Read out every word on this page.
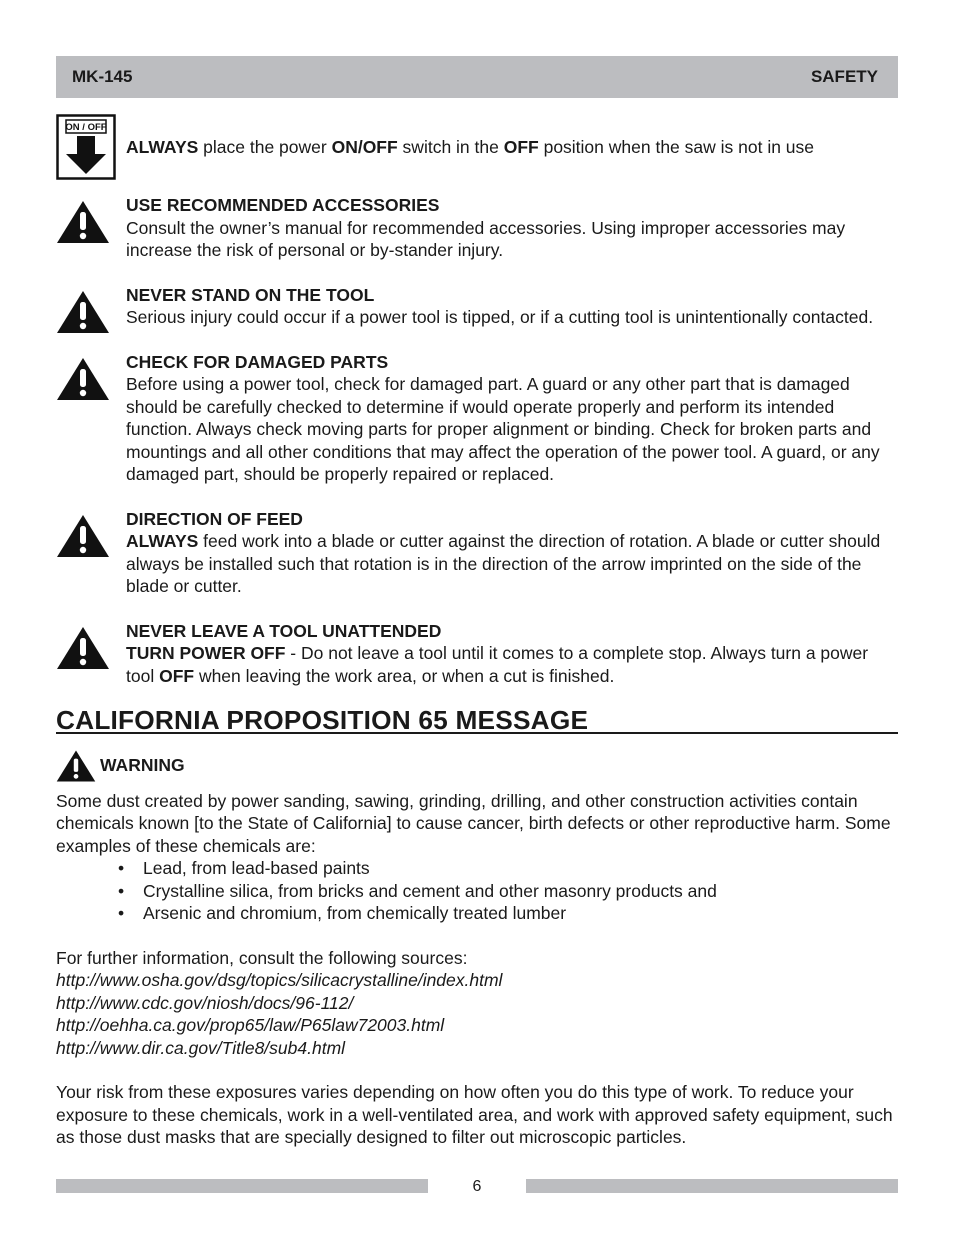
MK-145	SAFETY
ON / OFF

ALWAYS place the power ON/OFF switch in the OFF position when the saw is not in use

USE RECOMMENDED ACCESSORIES

Consult the owner’s manual for recommended accessories. Using improper accessories may increase the risk of personal or by-stander injury.

NEVER STAND ON THE TOOL

Serious injury could occur if a power tool is tipped, or if a cutting tool is unintentionally contacted.

CHECK FOR DAMAGED PARTS

Before using a power tool, check for damaged part. A guard or any other part that is damaged should be carefully checked to determine if would operate properly and perform its intended function. Always check moving parts for proper alignment or binding. Check for broken parts and mountings and all other conditions that may affect the operation of the power tool. A guard, or any damaged part, should be properly repaired or replaced.

DIRECTION OF FEED

ALWAYS feed work into a blade or cutter against the direction of rotation. A blade or cutter should always be installed such that rotation is in the direction of the arrow imprinted on the side of the blade or cutter.

NEVER LEAVE A TOOL UNATTENDED

TURN POWER OFF - Do not leave a tool until it comes to a complete stop. Always turn a power tool OFF when leaving the work area, or when a cut is finished.

CALIFORNIA PROPOSITION 65 MESSAGE
WARNING

Some dust created by power sanding, sawing, grinding, drilling, and other construction activities contain chemicals known [to the State of California] to cause cancer, birth defects or other reproductive harm. Some examples of these chemicals are:

• Lead, from lead-based paints
• Crystalline silica, from bricks and cement and other masonry products and
• Arsenic and chromium, from chemically treated lumber

For further information, consult the following sources:

http://www.osha.gov/dsg/topics/silicacrystalline/index.html

http://www.cdc.gov/niosh/docs/96-112/

http://oehha.ca.gov/prop65/law/P65law72003.html

http://www.dir.ca.gov/Title8/sub4.html

Your risk from these exposures varies depending on how often you do this type of work. To reduce your exposure to these chemicals, work in a well-ventilated area, and work with approved safety equipment, such as those dust masks that are specially designed to filter out microscopic particles.

6
